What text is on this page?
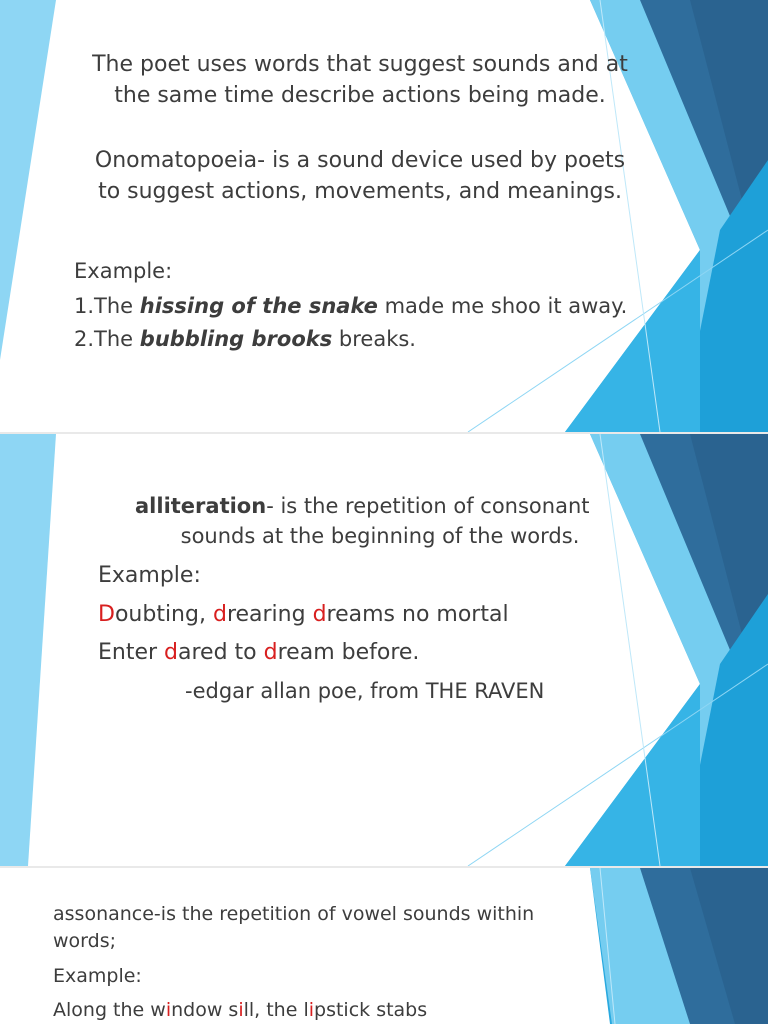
The poet uses words that suggest sounds and at
the same time describe actions being made.
Onomatopoeia- is a sound device used by poets
to suggest actions, movements, and meanings.
Example:
1.The hissing of the snake made me shoo it away.
2.The bubbling brooks breaks.
alliteration- is the repetition of consonant
sounds at the beginning of the words.
Example:
Doubting, drearing dreams no mortal
Enter dared to dream before.
-edgar allan poe, from THE RAVEN
assonance-is the repetition of vowel sounds within
words;
Example:
Along the window sill, the lipstick stabs
